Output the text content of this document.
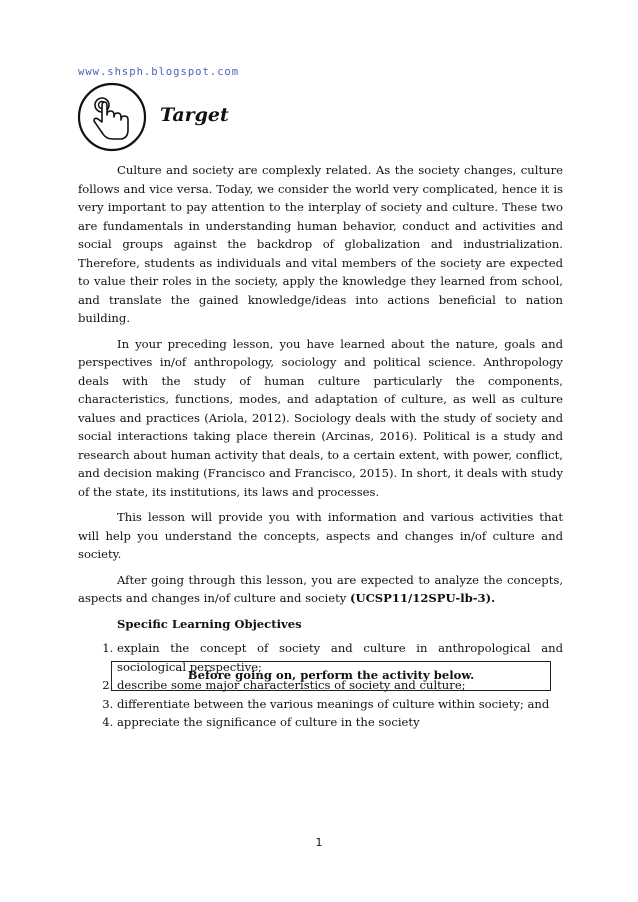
www.shsph.blogspot.com
Target

Culture and society are complexly related. As the society changes, culture follows and vice versa. Today, we consider the world very complicated, hence it is very important to pay attention to the interplay of society and culture. These two are fundamentals in understanding human behavior, conduct and activities and social groups against the backdrop of globalization and industrialization. Therefore, students as individuals and vital members of the society are expected to value their roles in the society, apply the knowledge they learned from school, and translate the gained knowledge/ideas into actions beneficial to nation building.

In your preceding lesson, you have learned about the nature, goals and perspectives in/of anthropology, sociology and political science. Anthropology deals with the study of human culture particularly the components, characteristics, functions, modes, and adaptation of culture, as well as culture values and practices (Ariola, 2012). Sociology deals with the study of society and social interactions taking place therein (Arcinas, 2016). Political is a study and research about human activity that deals, to a certain extent, with power, conflict, and decision making (Francisco and Francisco, 2015). In short, it deals with study of the state, its institutions, its laws and processes.

This lesson will provide you with information and various activities that will help you understand the concepts, aspects and changes in/of culture and society.

After going through this lesson, you are expected to analyze the concepts, aspects and changes in/of culture and society (UCSP11/12SPU-lb-3).

Specific Learning Objectives
1. explain the concept of society and culture in anthropological and sociological perspective;
2. describe some major characteristics of society and culture;
3. differentiate between the various meanings of culture within society; and
4. appreciate the significance of culture in the society
Before going on, perform the activity below.
1
